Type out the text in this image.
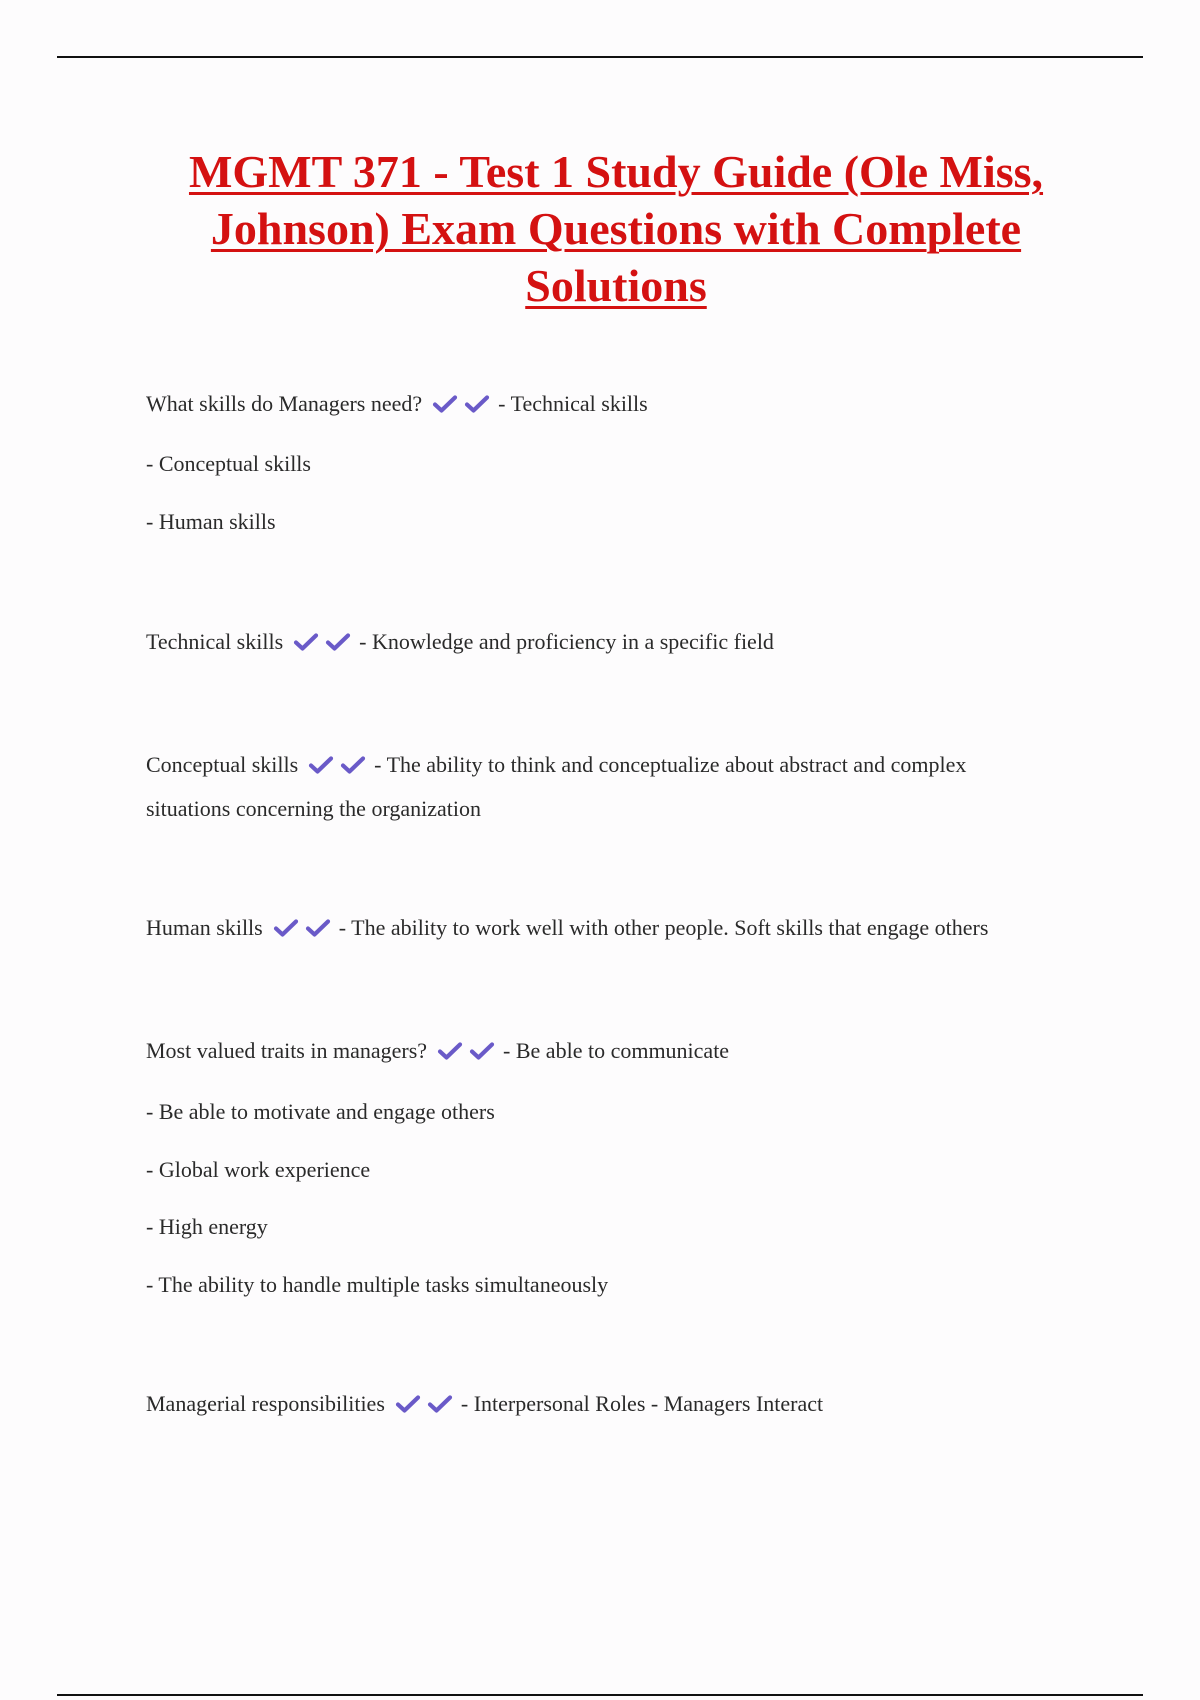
MGMT 371 - Test 1 Study Guide (Ole Miss,
Johnson) Exam Questions with Complete
Solutions
What skills do Managers need?	- Technical skills
- Conceptual skills
- Human skills
Technical skills	- Knowledge and proficiency in a specific field
Conceptual skills	- The ability to think and conceptualize about abstract and complex
situations concerning the organization
Human skills	- The ability to work well with other people. Soft skills that engage others
Most valued traits in managers?	- Be able to communicate
- Be able to motivate and engage others
- Global work experience
- High energy
- The ability to handle multiple tasks simultaneously
Managerial responsibilities	- Interpersonal Roles - Managers Interact
